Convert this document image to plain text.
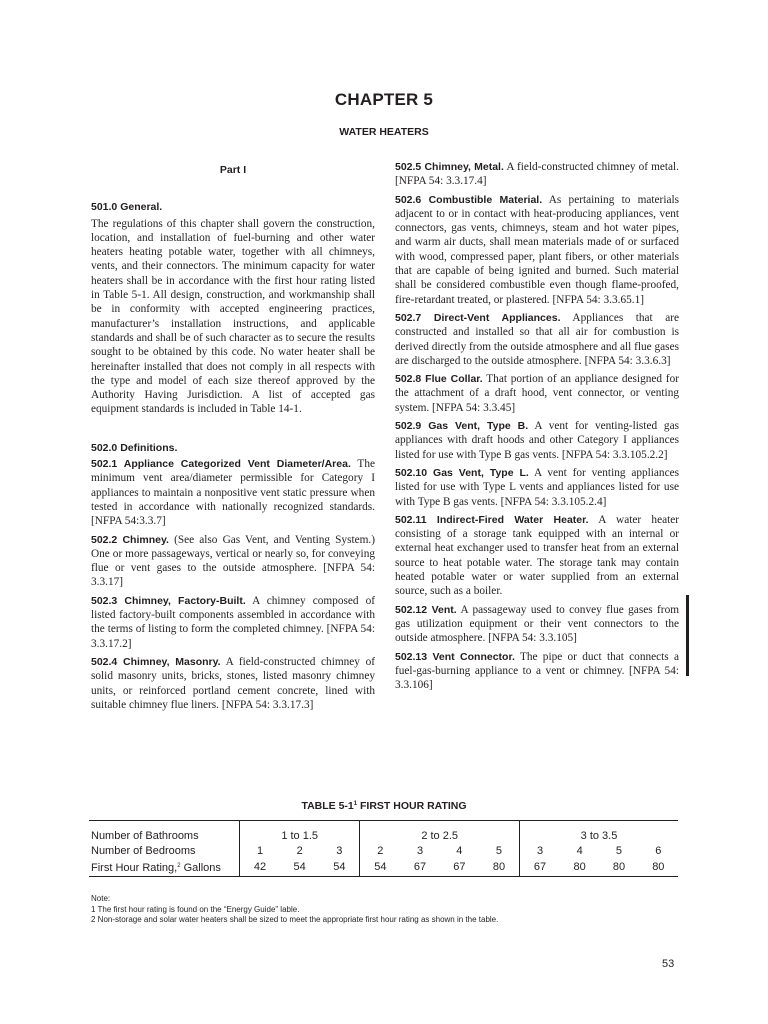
CHAPTER 5
WATER HEATERS
Part I
501.0 General.

The regulations of this chapter shall govern the construction, location, and installation of fuel-burning and other water heaters heating potable water, together with all chimneys, vents, and their connectors. The minimum capacity for water heaters shall be in accordance with the first hour rating listed in Table 5-1. All design, construction, and workmanship shall be in conformity with accepted engineering practices, manufacturer’s installation instructions, and applicable standards and shall be of such character as to secure the results sought to be obtained by this code. No water heater shall be hereinafter installed that does not comply in all respects with the type and model of each size thereof approved by the Authority Having Jurisdiction. A list of accepted gas equipment standards is included in Table 14-1.

502.0 Definitions.

502.1 Appliance Categorized Vent Diameter/Area. The minimum vent area/diameter permissible for Category I appliances to maintain a nonpositive vent static pressure when tested in accordance with nationally recognized standards. [NFPA 54:3.3.7]

502.2 Chimney. (See also Gas Vent, and Venting System.) One or more passageways, vertical or nearly so, for conveying flue or vent gases to the outside atmosphere. [NFPA 54: 3.3.17]

502.3 Chimney, Factory-Built. A chimney composed of listed factory-built components assembled in accordance with the terms of listing to form the completed chimney. [NFPA 54: 3.3.17.2]

502.4 Chimney, Masonry. A field-constructed chimney of solid masonry units, bricks, stones, listed masonry chimney units, or reinforced portland cement concrete, lined with suitable chimney flue liners. [NFPA 54: 3.3.17.3]

502.5 Chimney, Metal. A field-constructed chimney of metal. [NFPA 54: 3.3.17.4]

502.6 Combustible Material. As pertaining to materials adjacent to or in contact with heat-producing appliances, vent connectors, gas vents, chimneys, steam and hot water pipes, and warm air ducts, shall mean materials made of or surfaced with wood, compressed paper, plant fibers, or other materials that are capable of being ignited and burned. Such material shall be considered combustible even though flame-proofed, fire-retardant treated, or plastered. [NFPA 54: 3.3.65.1]

502.7 Direct-Vent Appliances. Appliances that are constructed and installed so that all air for combustion is derived directly from the outside atmosphere and all flue gases are discharged to the outside atmosphere. [NFPA 54: 3.3.6.3]

502.8 Flue Collar. That portion of an appliance designed for the attachment of a draft hood, vent connector, or venting system. [NFPA 54: 3.3.45]

502.9 Gas Vent, Type B. A vent for venting-listed gas appliances with draft hoods and other Category I appliances listed for use with Type B gas vents. [NFPA 54: 3.3.105.2.2]

502.10 Gas Vent, Type L. A vent for venting appliances listed for use with Type L vents and appliances listed for use with Type B gas vents. [NFPA 54: 3.3.105.2.4]

502.11 Indirect-Fired Water Heater. A water heater consisting of a storage tank equipped with an internal or external heat exchanger used to transfer heat from an external source to heat potable water. The storage tank may contain heated potable water or water supplied from an external source, such as a boiler.

502.12 Vent. A passageway used to convey flue gases from gas utilization equipment or their vent connectors to the outside atmosphere. [NFPA 54: 3.3.105]

502.13 Vent Connector. The pipe or duct that connects a fuel-gas-burning appliance to a vent or chimney. [NFPA 54: 3.3.106]

TABLE $5-1^1$ FIRST HOUR RATING
Number of Bathrooms	1 to 1.5			2 to 2.5				3 to 3.5			
Number of Bedrooms	1	2	3	2	3	4	5	3	4	5	6
First Hour Rating,$^2$ Gallons	42	54	54	54	67	67	80	67	80	80	80
Note:
1 The first hour rating is found on the “Energy Guide” lable.
2 Non-storage and solar water heaters shall be sized to meet the appropriate first hour rating as shown in the table.
53
